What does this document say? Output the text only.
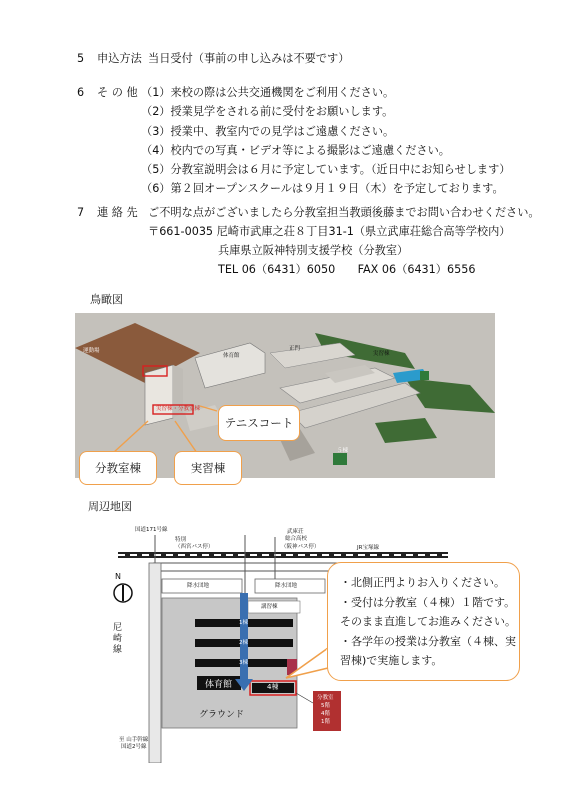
5 申込方法 当日受付（事前の申し込みは不要です）
6 そ の 他 （1）来校の際は公共交通機関をご利用ください。
（2）授業見学をされる前に受付をお願いします。
（3）授業中、教室内での見学はご遠慮ください。
（4）校内での写真・ビデオ等による撮影はご遠慮ください。
（5）分教室説明会は６月に予定しています。（近日中にお知らせします）
（6）第２回オープンスクールは９月１９日（木）を予定しております。
7 連 絡 先 ご不明な点がございましたら分教室担当教頭後藤までお問い合わせください。
〒661-0035 尼崎市武庫之荘８丁目31-1（県立武庫荘総合高等学校内）
兵庫県立阪神特別支援学校（分教室）
TEL 06（6431）6050　　FAX 06（6431）6556
鳥瞰図
運動場
体育館
正門
実習棟
５棟
実習棟・分教室棟
テニスコート
分教室棟	実習棟
周辺地図
国道171号線
特別
（西宮バス停）
武庫荘
総合高校
（阪神バス停）	JR宝塚線
降水団地	降水団地
講習棟
1棟
2棟
3棟
体育館	4棟
グラウンド
分教室
5階
4階
1階
尼崎線
至 山手幹線
国道2号線
N	・北側正門よりお入りください。
・受付は分教室（４棟）１階です。
そのまま直進してお進みください。
・各学年の授業は分教室（４棟、実
習棟)で実施します。
